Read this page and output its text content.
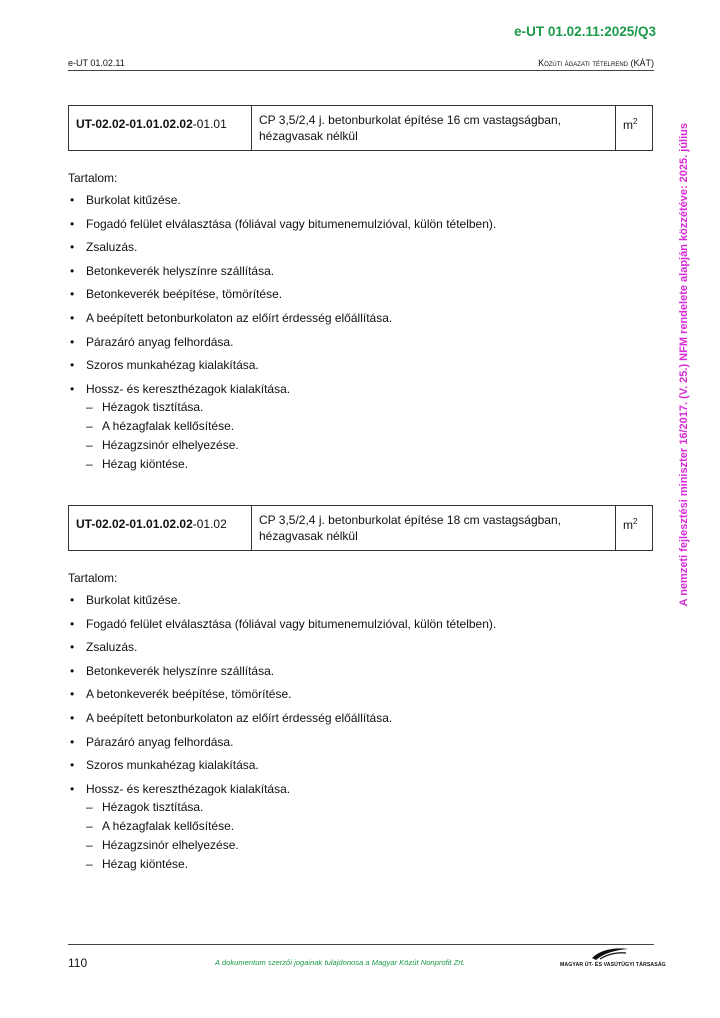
e-UT 01.02.11:2025/Q3
e-UT 01.02.11	Közúti ágazati tételrend (KÁT)
A nemzeti fejlesztési miniszter 16/2017. (V. 25.) NFM rendelete alapján közzétéve: 2025. július
UT-02.02-01.01.02.02-01.01	CP 3,5/2,4 j. betonburkolat építése 16 cm vastagságban, hézagvasak nélkül	$m^2$

Tartalom:

• Burkolat kitűzése.
• Fogadó felület elválasztása (fóliával vagy bitumenemulzióval, külön tételben).
• Zsaluzás.
• Betonkeverék helyszínre szállítása.
• Betonkeverék beépítése, tömörítése.
• A beépített betonburkolaton az előírt érdesség előállítása.
• Párazáró anyag felhordása.
• Szoros munkahézag kialakítása.
• Hossz- és kereszthézagok kialakítása.
– Hézagok tisztítása.
– A hézagfalak kellősítése.
– Hézagzsinór elhelyezése.
– Hézag kiöntése.
UT-02.02-01.01.02.02-01.02	CP 3,5/2,4 j. betonburkolat építése 18 cm vastagságban, hézagvasak nélkül	$m^2$

Tartalom:

• Burkolat kitűzése.
• Fogadó felület elválasztása (fóliával vagy bitumenemulzióval, külön tételben).
• Zsaluzás.
• Betonkeverék helyszínre szállítása.
• A betonkeverék beépítése, tömörítése.
• A beépített betonburkolaton az előírt érdesség előállítása.
• Párazáró anyag felhordása.
• Szoros munkahézag kialakítása.
• Hossz- és kereszthézagok kialakítása.
– Hézagok tisztítása.
– A hézagfalak kellősítése.
– Hézagzsinór elhelyezése.
– Hézag kiöntése.
110	A dokumentum szerzői jogainak tulajdonosa a Magyar Közút Nonprofit Zrt.	MAGYAR ÚT- ÉS VASÚTÜGYI TÁRSASÁG
